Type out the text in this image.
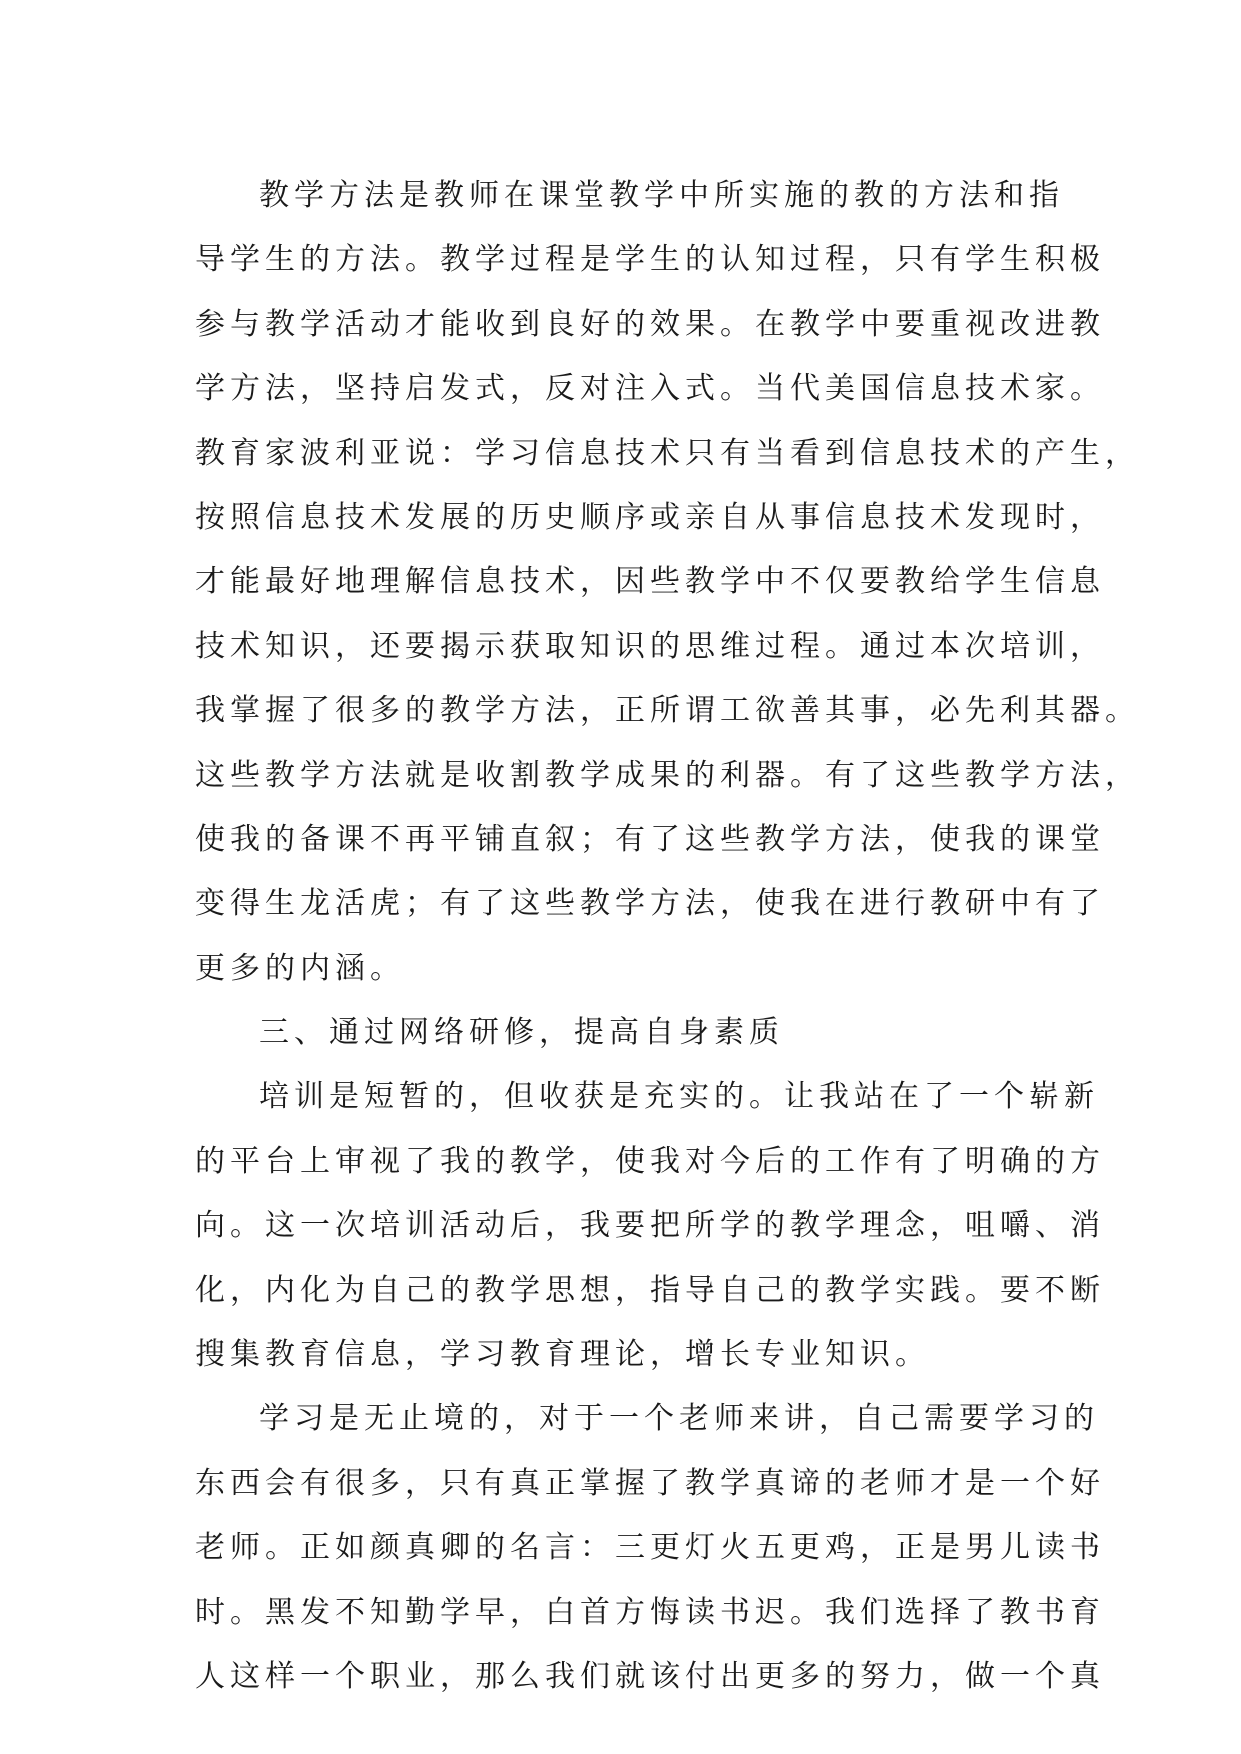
教学方法是教师在课堂教学中所实施的教的方法和指
导学生的方法。教学过程是学生的认知过程，只有学生积极
参与教学活动才能收到良好的效果。在教学中要重视改进教
学方法，坚持启发式，反对注入式。当代美国信息技术家。
教育家波利亚说：学习信息技术只有当看到信息技术的产生，
按照信息技术发展的历史顺序或亲自从事信息技术发现时，
才能最好地理解信息技术，因些教学中不仅要教给学生信息
技术知识，还要揭示获取知识的思维过程。通过本次培训，
我掌握了很多的教学方法，正所谓工欲善其事，必先利其器。
这些教学方法就是收割教学成果的利器。有了这些教学方法，
使我的备课不再平铺直叙；有了这些教学方法，使我的课堂
变得生龙活虎；有了这些教学方法，使我在进行教研中有了
更多的内涵。
三、通过网络研修，提高自身素质
培训是短暂的，但收获是充实的。让我站在了一个崭新
的平台上审视了我的教学，使我对今后的工作有了明确的方
向。这一次培训活动后，我要把所学的教学理念，咀嚼、消
化，内化为自己的教学思想，指导自己的教学实践。要不断
搜集教育信息，学习教育理论，增长专业知识。
学习是无止境的，对于一个老师来讲，自己需要学习的
东西会有很多，只有真正掌握了教学真谛的老师才是一个好
老师。正如颜真卿的名言：三更灯火五更鸡，正是男儿读书
时。黑发不知勤学早，白首方悔读书迟。我们选择了教书育
人这样一个职业，那么我们就该付出更多的努力，做一个真
